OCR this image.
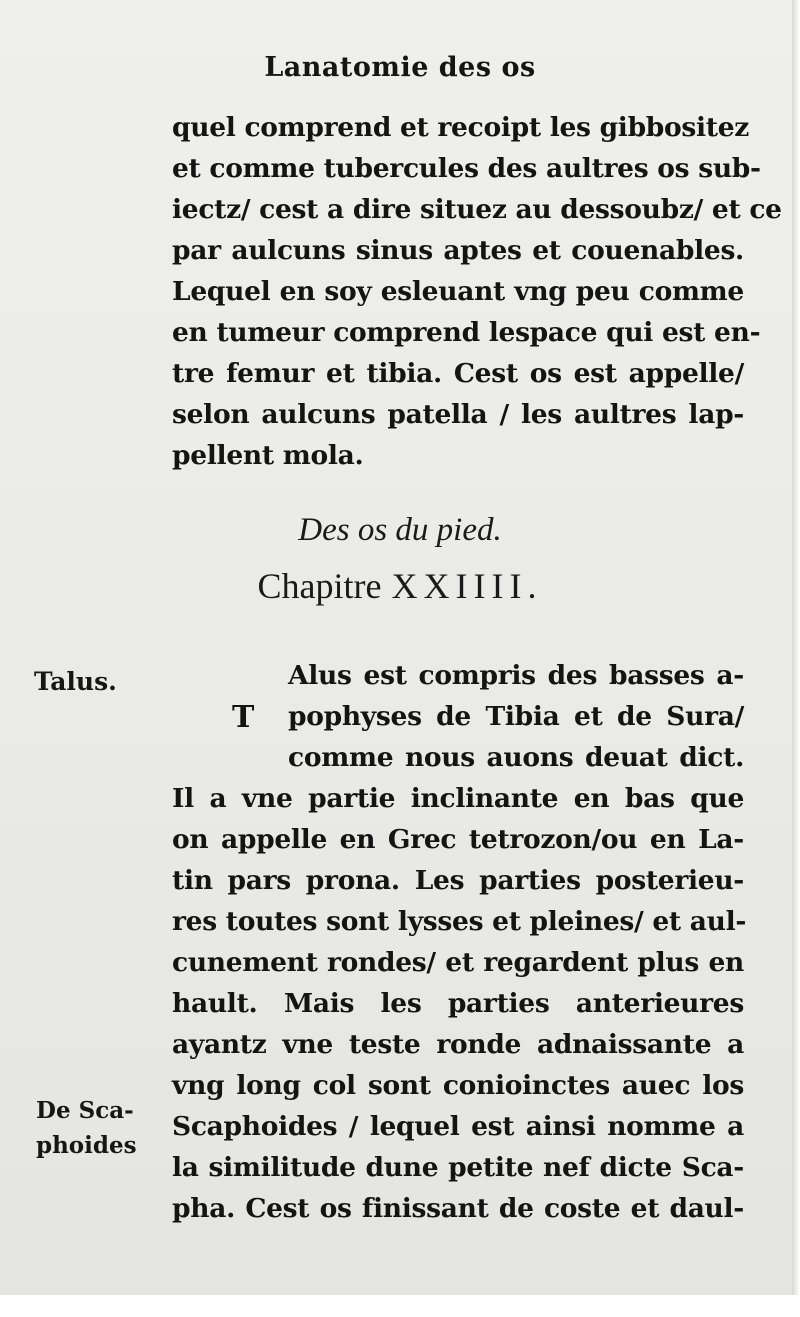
Lanatomie des os
quel comprend et recoipt les gibbositez
et comme tubercules des aultres os sub-
iectz/ cest a dire situez au dessoubz/ et ce
par aulcuns sinus aptes et couenables.
Lequel en soy esleuant vng peu comme
en tumeur comprend lespace qui est en-
tre femur et tibia. Cest os est appelle/
selon aulcuns patella / les aultres lap-
pellent mola.
Des os du pied.
Chapitre XXIIII.
Talus.
De Sca-
phoides
T
Alus est compris des basses a-
pophyses de Tibia et de Sura/
comme nous auons deuat dict.
Il a vne partie inclinante en bas que
on appelle en Grec tetrozon/ou en La-
tin pars prona. Les parties posterieu-
res toutes sont lysses et pleines/ et aul-
cunement rondes/ et regardent plus en
hault. Mais les parties anterieures
ayantz vne teste ronde adnaissante a
vng long col sont conioinctes auec los
Scaphoides / lequel est ainsi nomme a
la similitude dune petite nef dicte Sca-
pha. Cest os finissant de coste et daul-
